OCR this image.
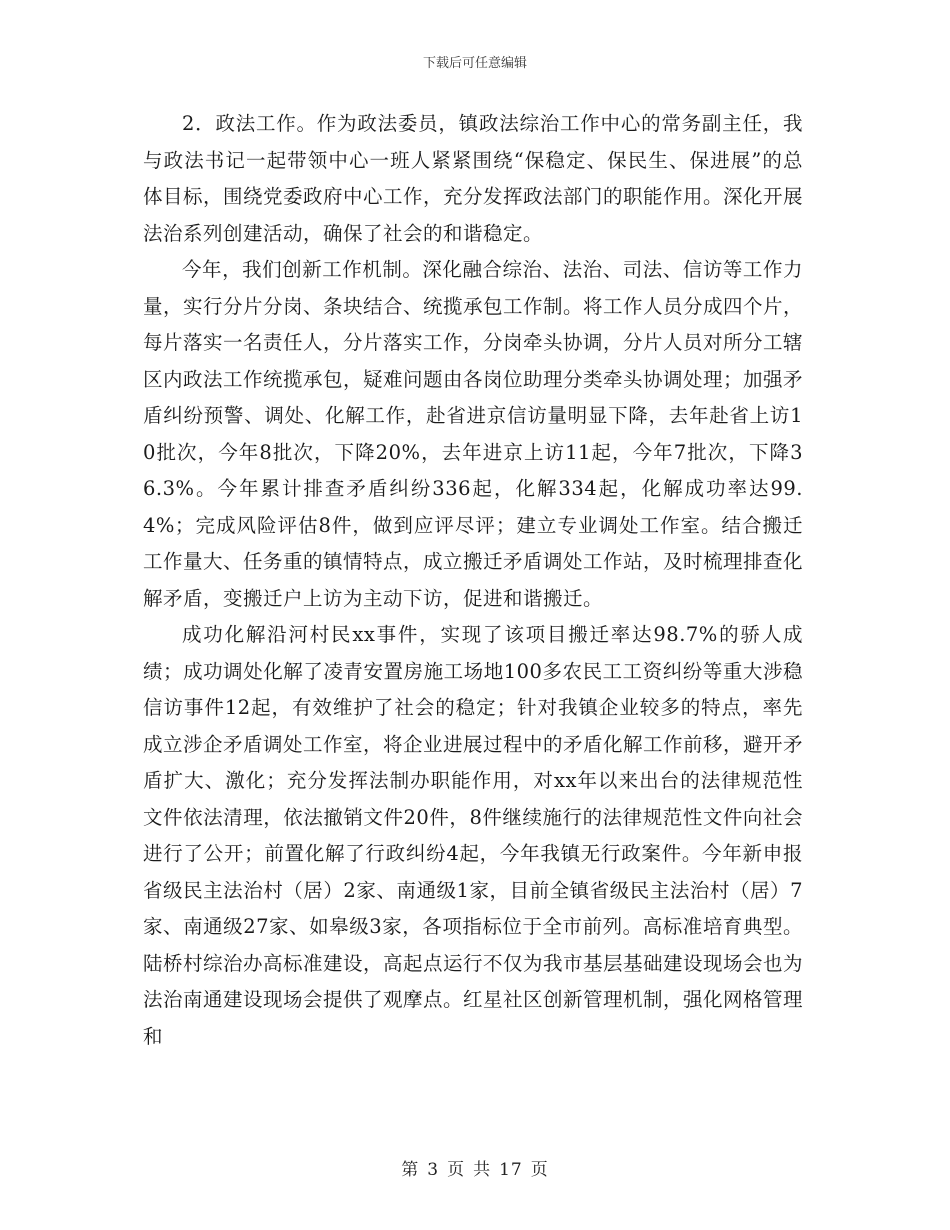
下载后可任意编辑

2．政法工作。作为政法委员，镇政法综治工作中心的常务副主任，我与政法书记一起带领中心一班人紧紧围绕“保稳定、保民生、保进展”的总体目标，围绕党委政府中心工作，充分发挥政法部门的职能作用。深化开展法治系列创建活动，确保了社会的和谐稳定。

今年，我们创新工作机制。深化融合综治、法治、司法、信访等工作力量，实行分片分岗、条块结合、统揽承包工作制。将工作人员分成四个片，每片落实一名责任人，分片落实工作，分岗牵头协调，分片人员对所分工辖区内政法工作统揽承包，疑难问题由各岗位助理分类牵头协调处理；加强矛盾纠纷预警、调处、化解工作，赴省进京信访量明显下降，去年赴省上访10批次，今年8批次，下降20%，去年进京上访11起，今年7批次，下降36.3%。今年累计排查矛盾纠纷336起，化解334起，化解成功率达99.4%；完成风险评估8件，做到应评尽评；建立专业调处工作室。结合搬迁工作量大、任务重的镇情特点，成立搬迁矛盾调处工作站，及时梳理排查化解矛盾，变搬迁户上访为主动下访，促进和谐搬迁。

成功化解沿河村民xx事件，实现了该项目搬迁率达98.7%的骄人成绩；成功调处化解了凌青安置房施工场地100多农民工工资纠纷等重大涉稳信访事件12起，有效维护了社会的稳定；针对我镇企业较多的特点，率先成立涉企矛盾调处工作室，将企业进展过程中的矛盾化解工作前移，避开矛盾扩大、激化；充分发挥法制办职能作用，对xx年以来出台的法律规范性文件依法清理，依法撤销文件20件，8件继续施行的法律规范性文件向社会进行了公开；前置化解了行政纠纷4起，今年我镇无行政案件。今年新申报省级民主法治村（居）2家、南通级1家，目前全镇省级民主法治村（居）7家、南通级27家、如皋级3家，各项指标位于全市前列。高标准培育典型。陆桥村综治办高标准建设，高起点运行不仅为我市基层基础建设现场会也为法治南通建设现场会提供了观摩点。红星社区创新管理机制，强化网格管理和

第 3 页 共 17 页
